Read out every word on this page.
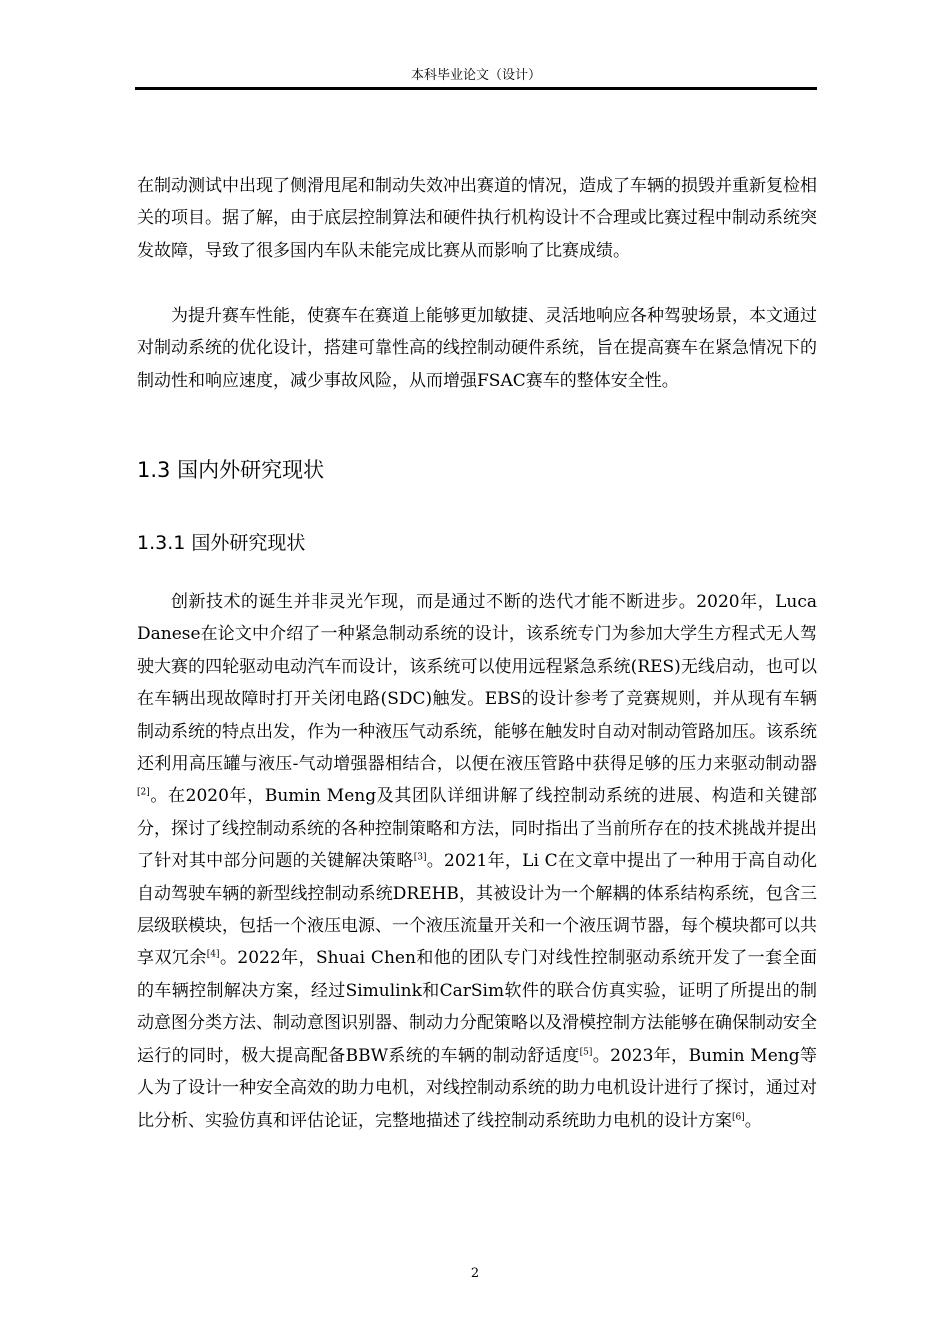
本科毕业论文（设计）

在制动测试中出现了侧滑甩尾和制动失效冲出赛道的情况，造成了车辆的损毁并重新复检相关的项目。据了解，由于底层控制算法和硬件执行机构设计不合理或比赛过程中制动系统突发故障，导致了很多国内车队未能完成比赛从而影响了比赛成绩。

为提升赛车性能，使赛车在赛道上能够更加敏捷、灵活地响应各种驾驶场景，本文通过对制动系统的优化设计，搭建可靠性高的线控制动硬件系统，旨在提高赛车在紧急情况下的制动性和响应速度，减少事故风险，从而增强FSAC赛车的整体安全性。

1.3 国内外研究现状
1.3.1 国外研究现状

创新技术的诞生并非灵光乍现，而是通过不断的迭代才能不断进步。2020年，Luca Danese在论文中介绍了一种紧急制动系统的设计，该系统专门为参加大学生方程式无人驾驶大赛的四轮驱动电动汽车而设计，该系统可以使用远程紧急系统(RES)无线启动，也可以在车辆出现故障时打开关闭电路(SDC)触发。EBS的设计参考了竞赛规则，并从现有车辆制动系统的特点出发，作为一种液压气动系统，能够在触发时自动对制动管路加压。该系统还利用高压罐与液压-气动增强器相结合，以便在液压管路中获得足够的压力来驱动制动器[2]。在2020年，Bumin Meng及其团队详细讲解了线控制动系统的进展、构造和关键部分，探讨了线控制动系统的各种控制策略和方法，同时指出了当前所存在的技术挑战并提出了针对其中部分问题的关键解决策略[3]。2021年，Li C在文章中提出了一种用于高自动化自动驾驶车辆的新型线控制动系统DREHB，其被设计为一个解耦的体系结构系统，包含三层级联模块，包括一个液压电源、一个液压流量开关和一个液压调节器，每个模块都可以共享双冗余[4]。2022年，Shuai Chen和他的团队专门对线性控制驱动系统开发了一套全面的车辆控制解决方案，经过Simulink和CarSim软件的联合仿真实验，证明了所提出的制动意图分类方法、制动意图识别器、制动力分配策略以及滑模控制方法能够在确保制动安全运行的同时，极大提高配备BBW系统的车辆的制动舒适度[5]。2023年，Bumin Meng等人为了设计一种安全高效的助力电机，对线控制动系统的助力电机设计进行了探讨，通过对比分析、实验仿真和评估论证，完整地描述了线控制动系统助力电机的设计方案[6]。

2
